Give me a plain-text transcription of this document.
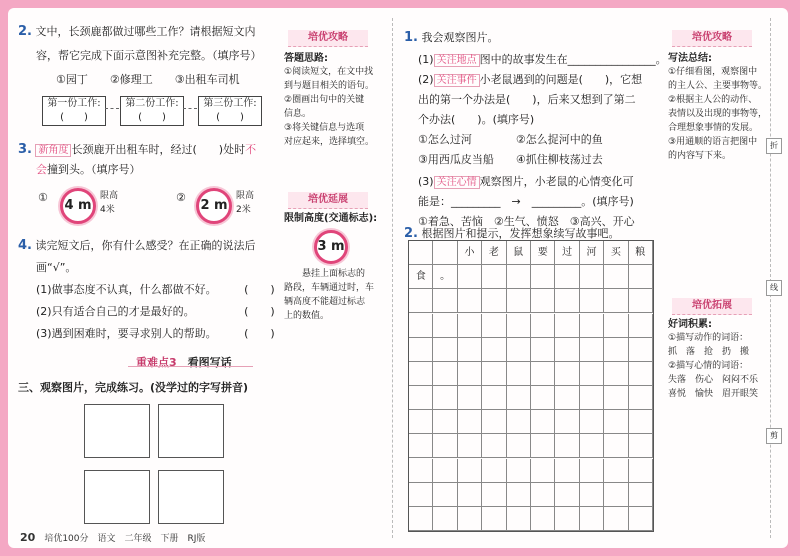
2. 文中，长颈鹿都做过哪些工作？请根据短文内
容，帮它完成下面示意图补充完整。（填序号）
①园丁　　②修理工　　③出租车司机
第一份工作:(　　)
第二份工作:(　　)
第三份工作:(　　)
3. 新角度 长颈鹿开出租车时，经过(　　)处时不
会撞到头。（填序号）
①
4 m
限高
4米
②
2 m
限高
2米
4. 读完短文后，你有什么感受？在正确的说法后
画“√”。
(1)做事态度不认真，什么都做不好。　　　(　　)
(2)只有适合自己的才是最好的。　　　　　(　　)
(3)遇到困难时，要寻求别人的帮助。　　　(　　)
重难点3　 看图写话
三、观察图片，完成练习。(没学过的字写拼音)
培优攻略
答题思路:
①阅读短文，在文中找
到与题目相关的语句。
②圈画出句中的关键
信息。
③将关键信息与选项
对应起来，选择填空。
培优延展
限制高度(交通标志):
3 m
　　悬挂上面标志的
路段，车辆通过时，车
辆高度不能超过标志
上的数值。
1. 我会观察图片。
(1) 关注地点 图中的故事发生在________________。
(2) 关注事件 小老鼠遇到的问题是(　　)，它想
出的第一个办法是(　　)，后来又想到了第二
个办法(　　)。(填序号)
①怎么过河　　　　②怎么捉河中的鱼
③用西瓜皮当船　　④抓住柳枝荡过去
(3) 关注心情 观察图片，小老鼠的心情变化可
能是：_________　→　_________。(填序号)
①着急、苦恼　②生气、愤怒　③高兴、开心
2. 根据图片和提示，发挥想象续写故事吧。
小	老	鼠	要	过	河	买	粮
食	。
培优攻略
写法总结:
①仔细看图，观察图中
的主人公、主要事物等。
②根据主人公的动作、
表情以及出现的事物等，
合理想象事情的发展。
③用通顺的语言把图中
的内容写下来。
培优拓展
好词积累:
①描写动作的词语：
抓　落　抢　扔　搬
②描写心情的词语：
失落　伤心　闷闷不乐
喜悦　愉快　眉开眼笑
折
线
剪
20　 培优100分　语文　二年级　下册　RJ版
